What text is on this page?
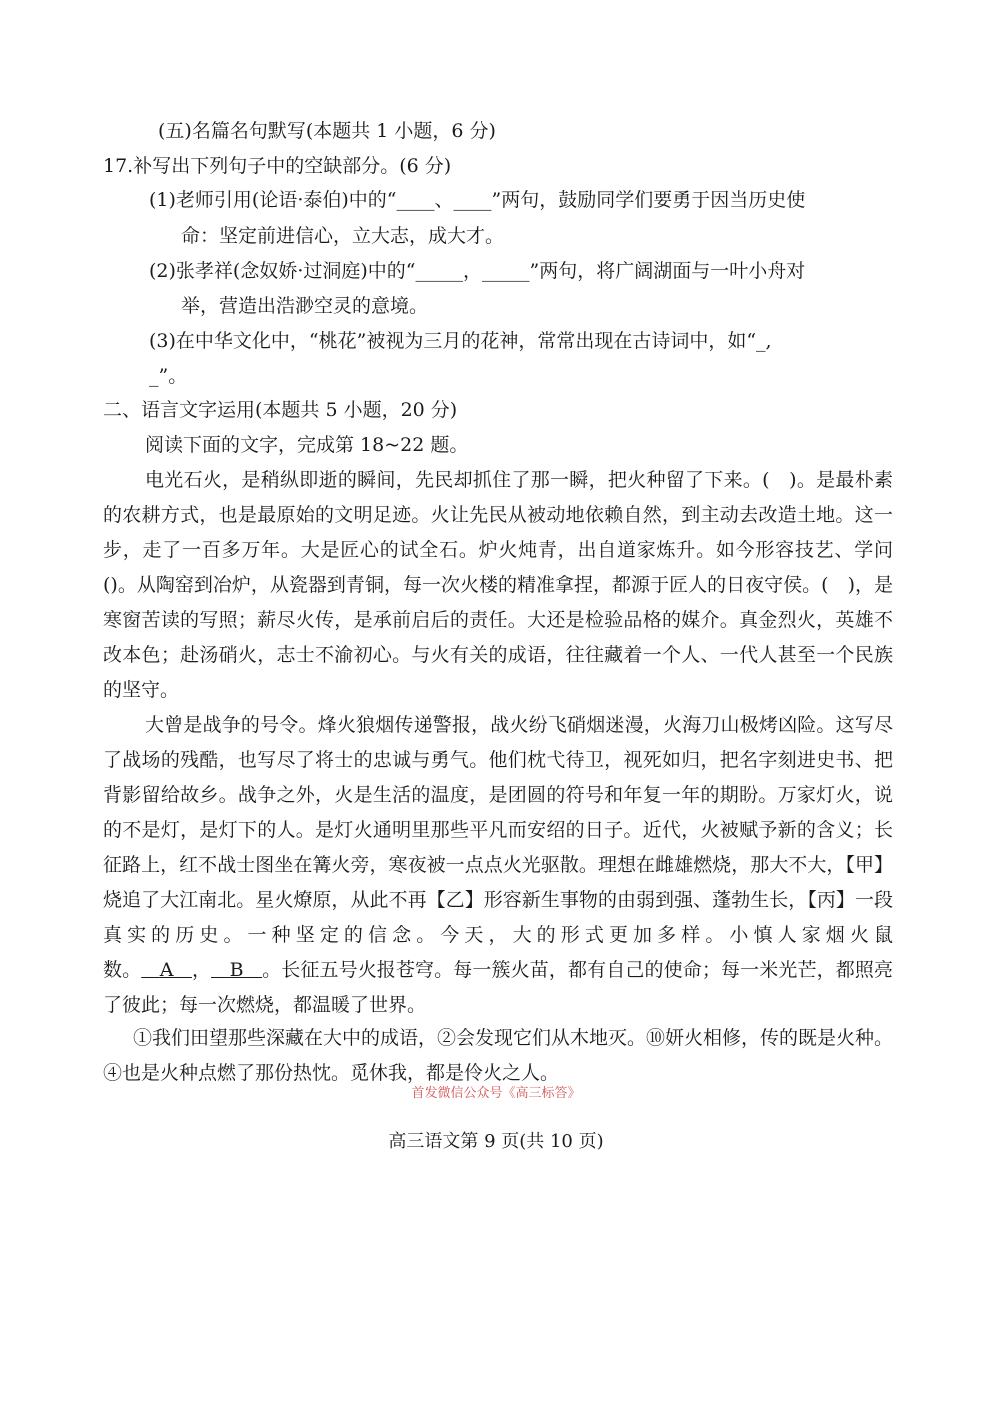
(五)名篇名句默写(本题共 1 小题，6 分)
17.补写出下列句子中的空缺部分。(6 分)
(1)老师引用(论语·泰伯)中的“____、____”两句，鼓励同学们要勇于因当历史使
命：坚定前进信心，立大志，成大才。
(2)张孝祥(念奴娇·过洞庭)中的“_____，_____”两句，将广阔湖面与一叶小舟对
举，营造出浩渺空灵的意境。
(3)在中华文化中，“桃花”被视为三月的花神，常常出现在古诗词中，如“_,
_”。
二、语言文字运用(本题共 5 小题，20 分)
阅读下面的文字，完成第 18~22 题。

电光石火，是稍纵即逝的瞬间，先民却抓住了那一瞬，把火种留了下来。(　)。是最朴素的农耕方式，也是最原始的文明足迹。火让先民从被动地依赖自然，到主动去改造土地。这一步，走了一百多万年。大是匠心的试全石。炉火炖青，出自道家炼升。如今形容技艺、学问()。从陶窑到冶炉，从瓷器到青铜，每一次火楼的精准拿捏，都源于匠人的日夜守侯。(　)，是寒窗苦读的写照；薪尽火传，是承前启后的责任。大还是检验品格的媒介。真金烈火，英雄不改本色；赴汤硝火，志士不渝初心。与火有关的成语，往往藏着一个人、一代人甚至一个民族的坚守。

大曾是战争的号令。烽火狼烟传递警报，战火纷飞硝烟迷漫，火海刀山极烤凶险。这写尽了战场的残酷，也写尽了将士的忠诚与勇气。他们枕弋待卫，视死如归，把名字刻进史书、把背影留给故乡。战争之外，火是生活的温度，是团圆的符号和年复一年的期盼。万家灯火，说的不是灯，是灯下的人。是灯火通明里那些平凡而安绍的日子。近代，火被赋予新的含义；长征路上，红不战士图坐在篝火旁，寒夜被一点点火光驱散。理想在雌雄燃烧，那大不大，【甲】烧追了大江南北。星火燎原，从此不再【乙】形容新生事物的由弱到强、蓬勃生长，【丙】一段真实的历史。一种坚定的信念。今天，大的形式更加多样。小慎人家烟火鼠数。 A ， B 。长征五号火报苍穹。每一簇火苗，都有自己的使命；每一米光芒，都照亮了彼此；每一次燃烧，都温暖了世界。

①我们田望那些深藏在大中的成语，②会发现它们从木地灭。⑩妍火相修，传的既是火种。④也是火种点燃了那份热忱。觅休我，都是伶火之人。

首发微信公众号《高三标答》
高三语文第 9 页(共 10 页)
